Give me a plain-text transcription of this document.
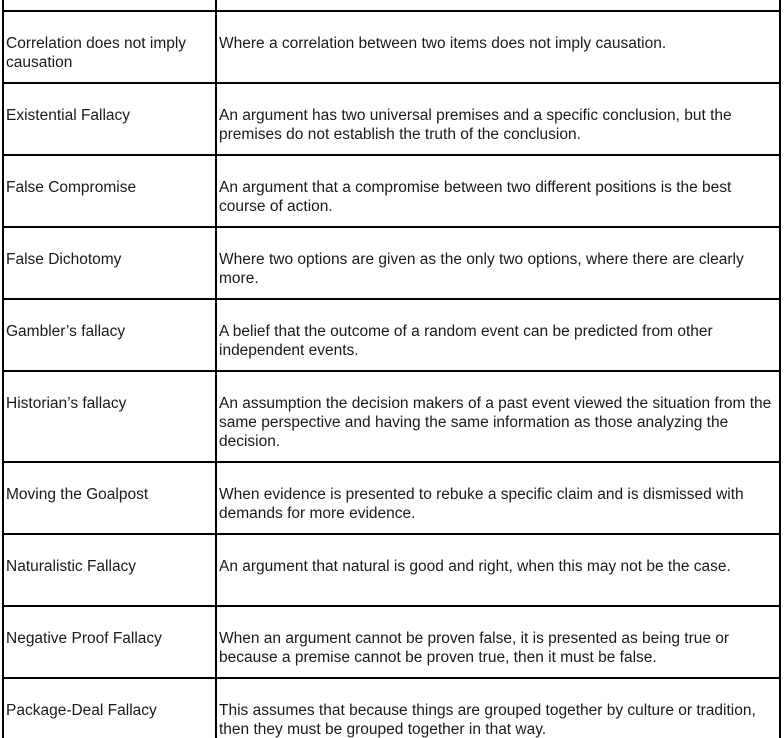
Correlation does not imply causation	Where a correlation between two items does not imply causation.

Existential Fallacy	An argument has two universal premises and a specific conclusion, but the premises do not establish the truth of the conclusion.

False Compromise	An argument that a compromise between two different positions is the best course of action.

False Dichotomy	Where two options are given as the only two options, where there are clearly more.

Gambler’s fallacy	A belief that the outcome of a random event can be predicted from other independent events.

Historian’s fallacy	An assumption the decision makers of a past event viewed the situation from the same perspective and having the same information as those analyzing the decision.

Moving the Goalpost	When evidence is presented to rebuke a specific claim and is dismissed with demands for more evidence.

Naturalistic Fallacy	An argument that natural is good and right, when this may not be the case.

Negative Proof Fallacy	When an argument cannot be proven false, it is presented as being true or because a premise cannot be proven true, then it must be false.

Package-Deal Fallacy	This assumes that because things are grouped together by culture or tradition, then they must be grouped together in that way.
